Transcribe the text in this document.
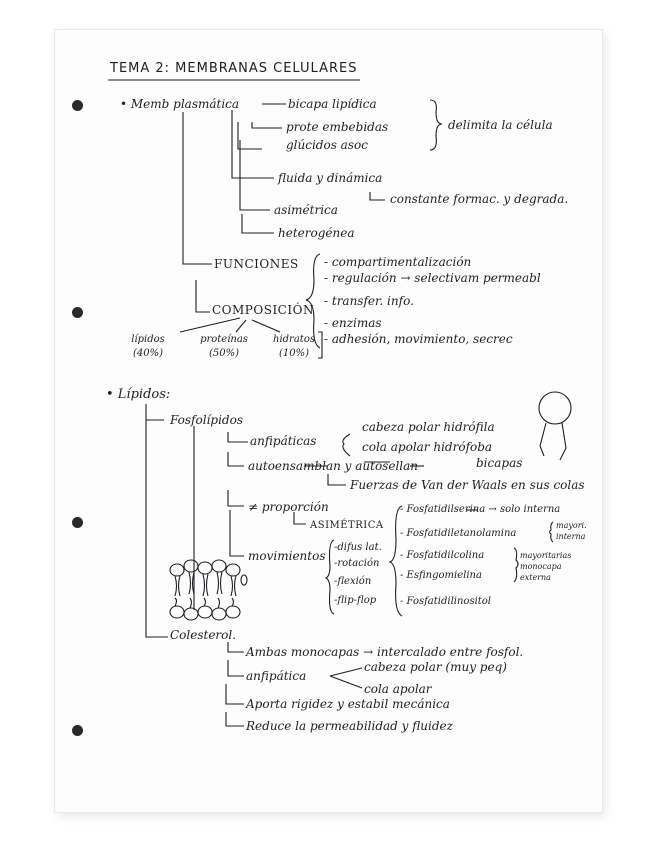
TEMA 2: MEMBRANAS CELULARES
• Memb plasmática	bicapa lipídica
prote embebidas
glúcidos asoc
delimita la célula
fluida y dinámica
constante formac. y degrada.
asimétrica
heterogénea
FUNCIONES - compartimentalización
- regulación → selectivam permeabl
- transfer. info.
- enzimas
- adhesión, movimiento, secrec
COMPOSICIÓN
lípidos
(40%)
proteínas
(50%)
hidratos
(10%)
• Lípidos:
Fosfolípidos
anfipáticas
cabeza polar hidrófila
cola apolar hidrófoba
autoensamblan y autosellan	bicapas
Fuerzas de Van der Waals en sus colas
≠ proporción
ASIMÉTRICA
movimientos
-difus lat.
-rotación
-flexión
-flip-flop
- Fosfatidilserina → solo interna
- Fosfatidiletanolamina
- Fosfatidilcolina
- Esfingomielina
- Fosfatidilinositol
mayori.
interna
mayoritarias
monocapa
externa
Colesterol.
Ambas monocapas → intercalado entre fosfol.
anfipática
cabeza polar (muy peq)
cola apolar
Aporta rigidez y estabil mecánica
Reduce la permeabilidad y fluidez
